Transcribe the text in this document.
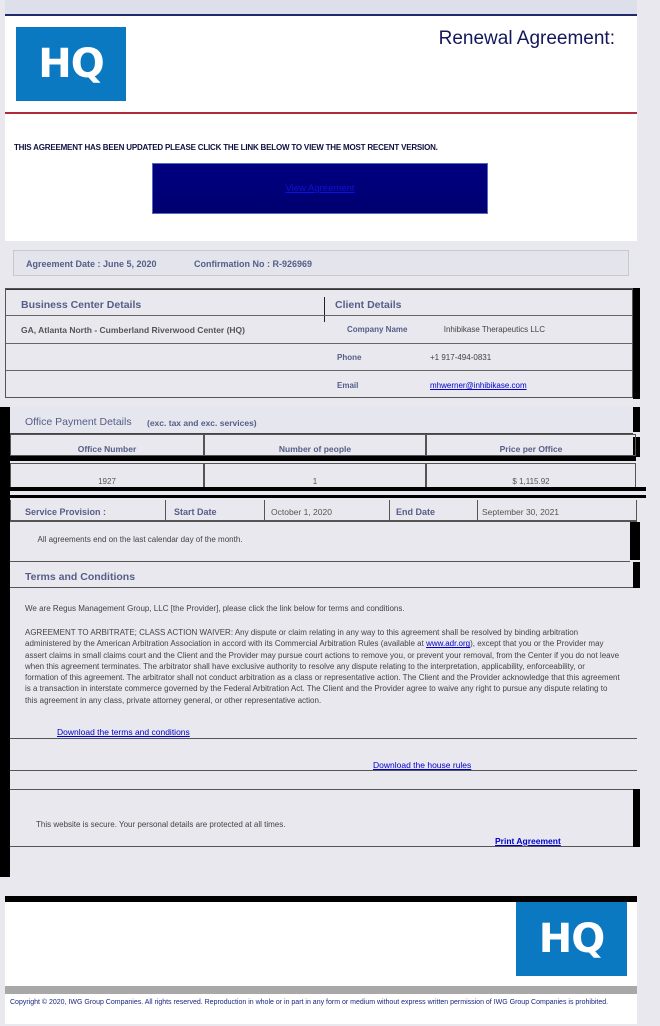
HQ
Renewal Agreement:
THIS AGREEMENT HAS BEEN UPDATED PLEASE CLICK THE LINK BELOW TO VIEW THE MOST RECENT VERSION.
View Agreement
Agreement Date : June 5, 2020	Confirmation No : R-926969
Business Center Details	Client Details
GA, Atlanta North - Cumberland Riverwood Center (HQ)	Company Name	Inhibikase Therapeutics LLC
Phone	+1 917-494-0831
Email	mhwerner@inhibikase.com
Office Payment Details (exc. tax and exc. services)
Office Number	Number of people	Price per Office
1927	1	$ 1,115.92
Service Provision :	Start Date	October 1, 2020	End Date	September 30, 2021
All agreements end on the last calendar day of the month.
Terms and Conditions
We are Regus Management Group, LLC [the Provider], please click the link below for terms and conditions.
AGREEMENT TO ARBITRATE; CLASS ACTION WAIVER: Any dispute or claim relating in any way to this agreement shall be resolved by binding arbitration administered by the American Arbitration Association in accord with its Commercial Arbitration Rules (available at www.adr.org), except that you or the Provider may assert claims in small claims court and the Client and the Provider may pursue court actions to remove you, or prevent your removal, from the Center if you do not leave when this agreement terminates. The arbitrator shall have exclusive authority to resolve any dispute relating to the interpretation, applicability, enforceability, or formation of this agreement. The arbitrator shall not conduct arbitration as a class or representative action. The Client and the Provider acknowledge that this agreement is a transaction in interstate commerce governed by the Federal Arbitration Act. The Client and the Provider agree to waive any right to pursue any dispute relating to this agreement in any class, private attorney general, or other representative action.
Download the terms and conditions
Download the house rules
This website is secure. Your personal details are protected at all times.
Print Agreement
HQ
Copyright © 2020, IWG Group Companies. All rights reserved. Reproduction in whole or in part in any form or medium without express written permission of IWG Group Companies is prohibited.
